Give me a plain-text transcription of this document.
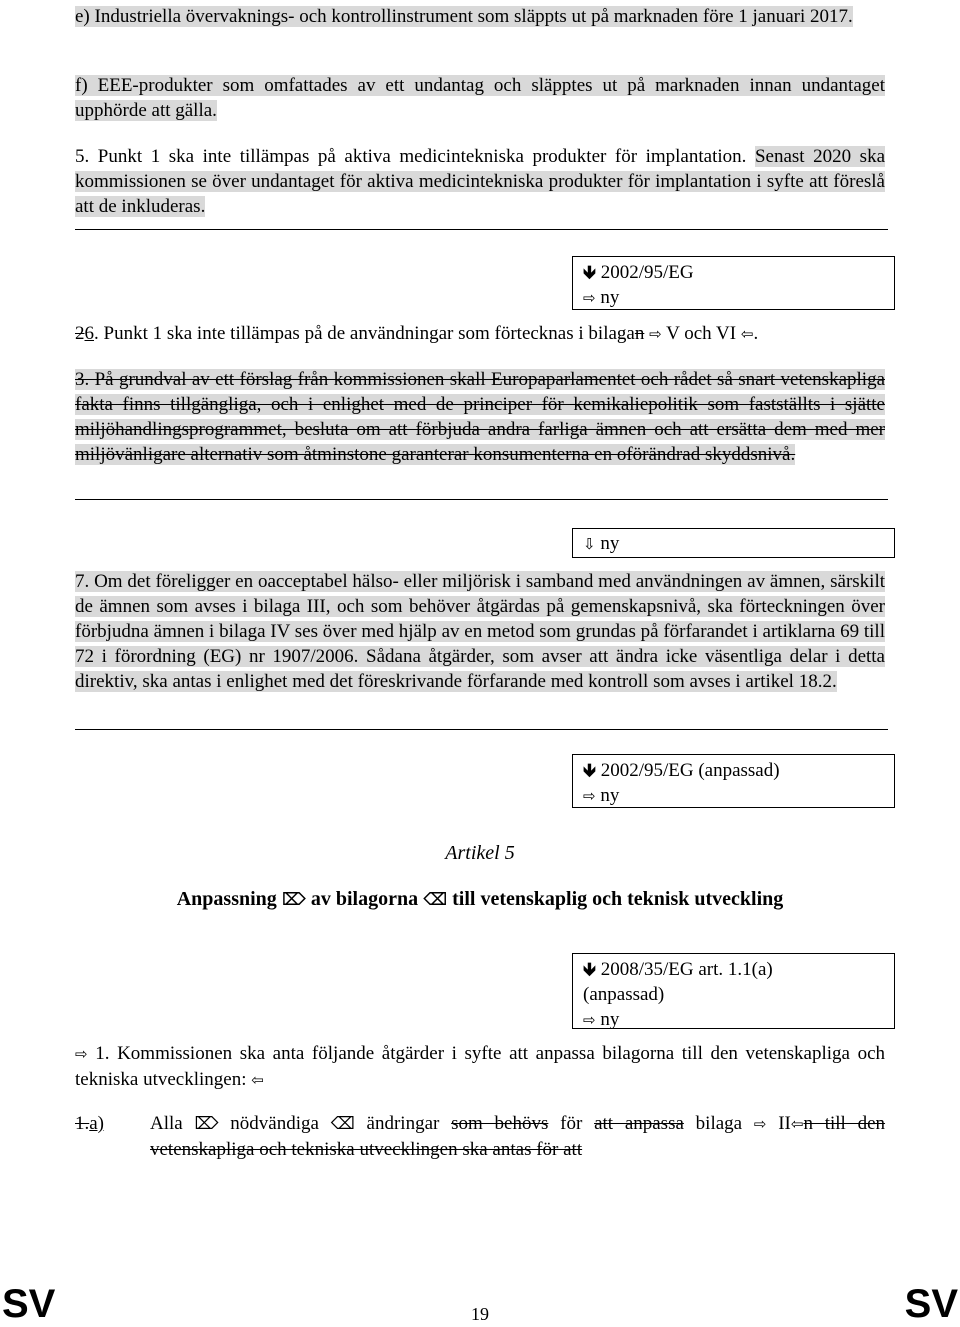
e) Industriella övervaknings- och kontrollinstrument som släppts ut på marknaden före 1 januari 2017.

f) EEE-produkter som omfattades av ett undantag och släpptes ut på marknaden innan undantaget upphörde att gälla.

5. Punkt 1 ska inte tillämpas på aktiva medicintekniska produkter för implantation. Senast 2020 ska kommissionen se över undantaget för aktiva medicintekniska produkter för implantation i syfte att föreslå att de inkluderas.

🡻 2002/95/EG
⇨ ny

26. Punkt 1 ska inte tillämpas på de användningar som förtecknas i bilagan ⇨ V och VI ⇦.

3. På grundval av ett förslag från kommissionen skall Europaparlamentet och rådet så snart vetenskapliga fakta finns tillgängliga, och i enlighet med de principer för kemikaliepolitik som fastställts i sjätte miljöhandlingsprogrammet, besluta om att förbjuda andra farliga ämnen och att ersätta dem med mer miljövänligare alternativ som åtminstone garanterar konsumenterna en oförändrad skyddsnivå.

⇩ ny

7. Om det föreligger en oacceptabel hälso- eller miljörisk i samband med användningen av ämnen, särskilt de ämnen som avses i bilaga III, och som behöver åtgärdas på gemenskapsnivå, ska förteckningen över förbjudna ämnen i bilaga IV ses över med hjälp av en metod som grundas på förfarandet i artiklarna 69 till 72 i förordning (EG) nr 1907/2006. Sådana åtgärder, som avser att ändra icke väsentliga delar i detta direktiv, ska antas i enlighet med det föreskrivande förfarande med kontroll som avses i artikel 18.2.

🡻 2002/95/EG (anpassad)
⇨ ny
Artikel 5
Anpassning ⌦ av bilagorna ⌫ till vetenskaplig och teknisk utveckling
🡻 2008/35/EG art. 1.1(a)
(anpassad)
⇨ ny

⇨ 1. Kommissionen ska anta följande åtgärder i syfte att anpassa bilagorna till den vetenskapliga och tekniska utvecklingen: ⇦

1.a)	Alla ⌦ nödvändiga ⌫ ändringar som behövs för att anpassa bilaga ⇨ II⇦n till den vetenskapliga och tekniska utvecklingen ska antas för att

SV	SV
19
